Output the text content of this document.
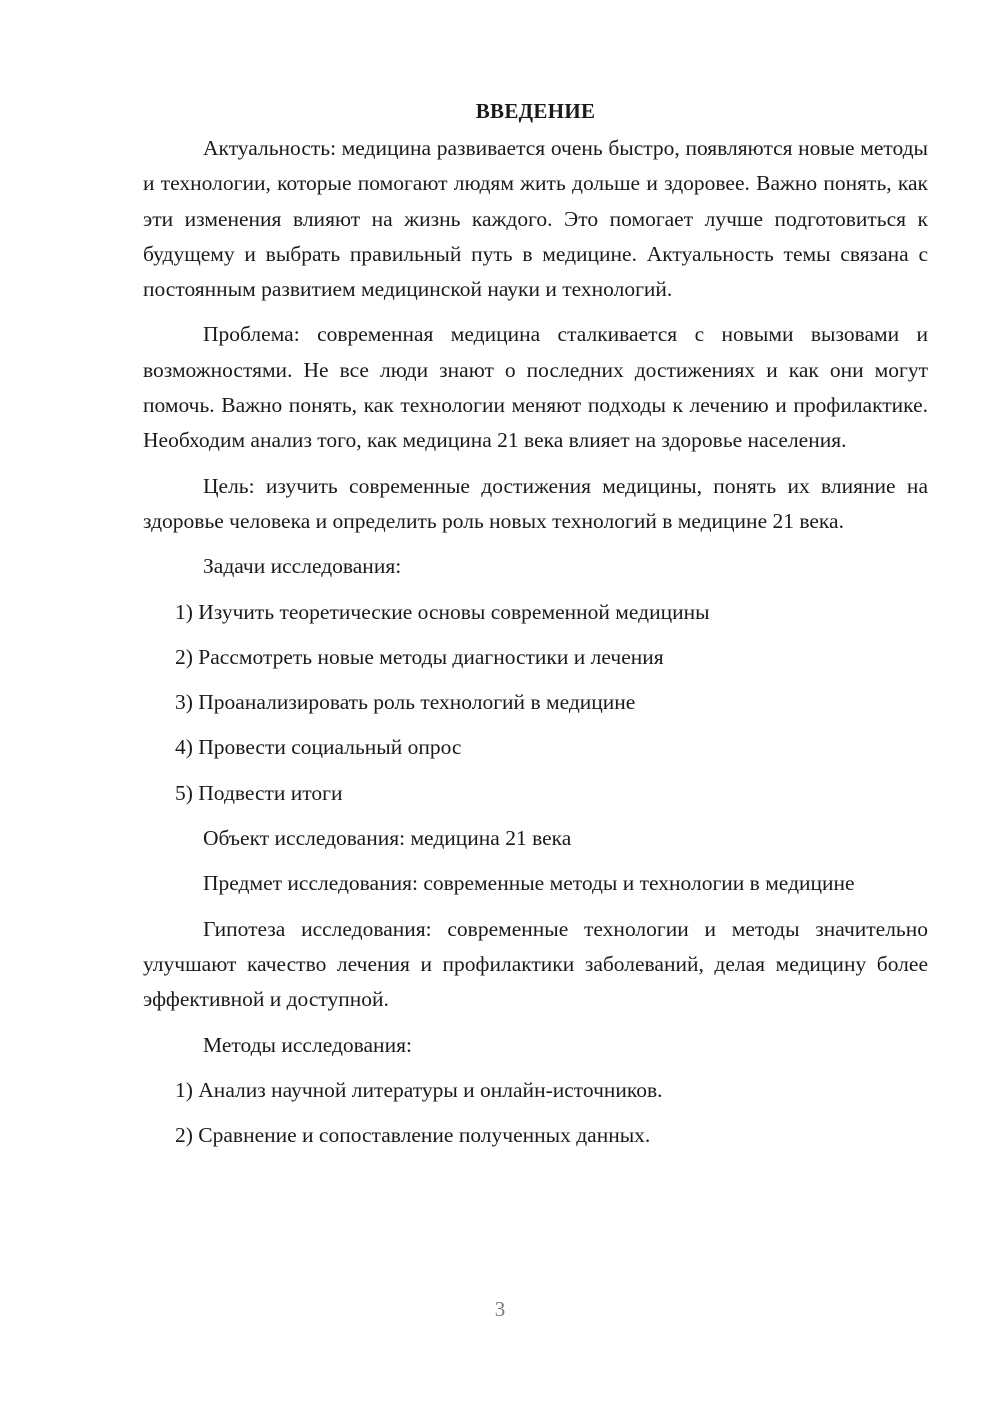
ВВЕДЕНИЕ

Актуальность: медицина развивается очень быстро, появляются новые методы и технологии, которые помогают людям жить дольше и здоровее. Важно понять, как эти изменения влияют на жизнь каждого. Это помогает лучше подготовиться к будущему и выбрать правильный путь в медицине. Актуальность темы связана с постоянным развитием медицинской науки и технологий.

Проблема: современная медицина сталкивается с новыми вызовами и возможностями. Не все люди знают о последних достижениях и как они могут помочь. Важно понять, как технологии меняют подходы к лечению и профилактике. Необходим анализ того, как медицина 21 века влияет на здоровье населения.

Цель: изучить современные достижения медицины, понять их влияние на здоровье человека и определить роль новых технологий в медицине 21 века.

Задачи исследования:

1) Изучить теоретические основы современной медицины

2) Рассмотреть новые методы диагностики и лечения

3) Проанализировать роль технологий в медицине

4) Провести социальный опрос

5) Подвести итоги

Объект исследования: медицина 21 века

Предмет исследования: современные методы и технологии в медицине

Гипотеза исследования: современные технологии и методы значительно улучшают качество лечения и профилактики заболеваний, делая медицину более эффективной и доступной.

Методы исследования:

1) Анализ научной литературы и онлайн-источников.

2) Сравнение и сопоставление полученных данных.

3
